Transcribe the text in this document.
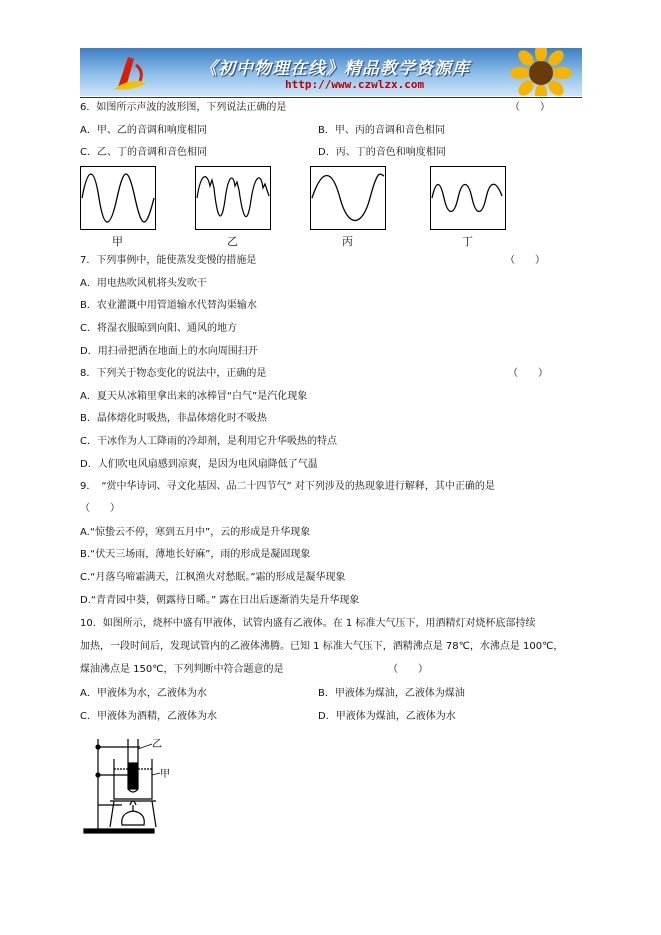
《初中物理在线》精品教学资源库
http://www.czwlzx.com
6．如图所示声波的波形图，下列说法正确的是	（　　）
A．甲、乙的音调和响度相同	B．甲、丙的音调和音色相同
C．乙、丁的音调和音色相同	D．丙、丁的音色和响度相同
甲	乙	丙	丁
7．下列事例中，能使蒸发变慢的措施是	（　　）
A．用电热吹风机将头发吹干
B．农业灌溉中用管道输水代替沟渠输水
C．将湿衣服晾到向阳、通风的地方
D．用扫帚把洒在地面上的水向周围扫开
8．下列关于物态变化的说法中，正确的是	（　　）
A．夏天从冰箱里拿出来的冰棒冒“白气”是汽化现象
B．晶体熔化时吸热，非晶体熔化时不吸热
C．干冰作为人工降雨的冷却剂，是利用它升华吸热的特点
D．人们吹电风扇感到凉爽，是因为电风扇降低了气温
9．　“赏中华诗词、寻文化基因、品二十四节气” 对下列涉及的热现象进行解释，其中正确的是
（　　）
A.“惊蛰云不停，寒到五月中”，云的形成是升华现象
B.“伏天三场雨，薄地长好麻”，雨的形成是凝固现象
C.“月落乌啼霜满天，江枫渔火对愁眠。”霜的形成是凝华现象
D.“青青园中葵，朝露待日晞。” 露在日出后逐渐消失是升华现象
10．如图所示，烧杯中盛有甲液体，试管内盛有乙液体。在 1 标准大气压下，用酒精灯对烧杯底部持续
加热，一段时间后，发现试管内的乙液体沸腾。已知 1 标准大气压下，酒精沸点是 78℃，水沸点是 100℃，
煤油沸点是 150℃，下列判断中符合题意的是	（　　）
A．甲液体为水，乙液体为水	B．甲液体为煤油，乙液体为煤油
C．甲液体为酒精，乙液体为水	D．甲液体为煤油，乙液体为水
乙
甲
